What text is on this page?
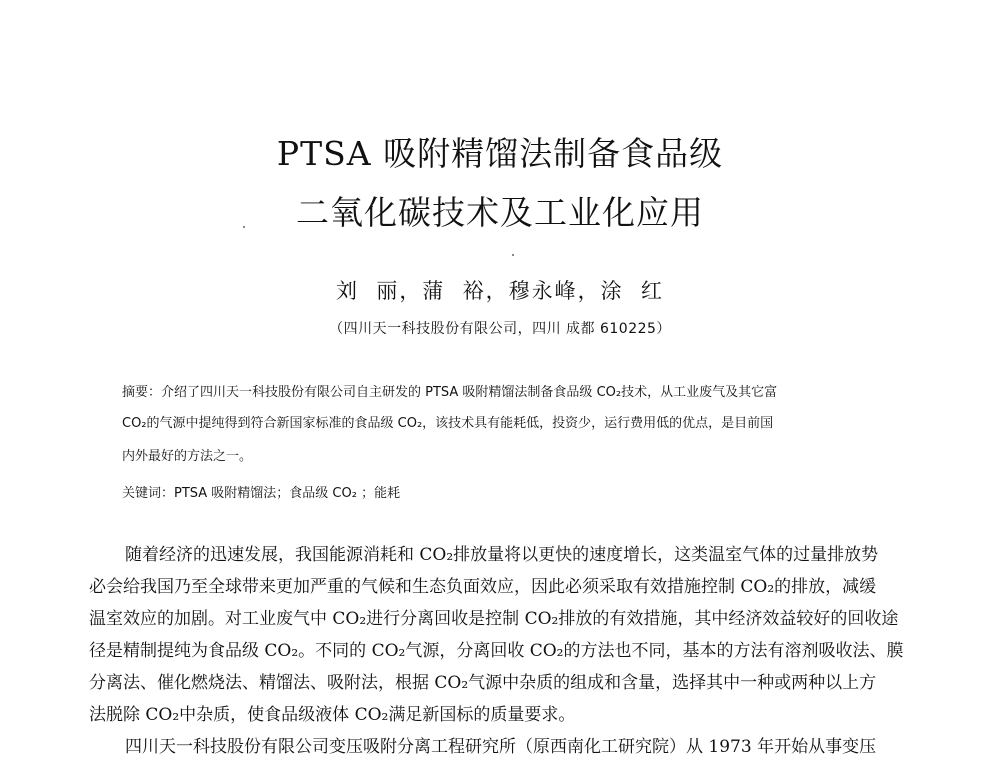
PTSA 吸附精馏法制备食品级
二氧化碳技术及工业化应用
刘  丽，蒲  裕，穆永峰，涂  红
（四川天一科技股份有限公司，四川 成都 610225）
摘要：介绍了四川天一科技股份有限公司自主研发的 PTSA 吸附精馏法制备食品级 CO₂技术，从工业废气及其它富
CO₂的气源中提纯得到符合新国家标准的食品级 CO₂，该技术具有能耗低，投资少，运行费用低的优点，是目前国
内外最好的方法之一。
关键词：PTSA 吸附精馏法；食品级 CO₂ ；能耗
随着经济的迅速发展，我国能源消耗和 CO₂排放量将以更快的速度增长，这类温室气体的过量排放势
必会给我国乃至全球带来更加严重的气候和生态负面效应，因此必须采取有效措施控制 CO₂的排放，减缓
温室效应的加剧。对工业废气中 CO₂进行分离回收是控制 CO₂排放的有效措施，其中经济效益较好的回收途
径是精制提纯为食品级 CO₂。不同的 CO₂气源，分离回收 CO₂的方法也不同，基本的方法有溶剂吸收法、膜
分离法、催化燃烧法、精馏法、吸附法，根据 CO₂气源中杂质的组成和含量，选择其中一种或两种以上方
法脱除 CO₂中杂质，使食品级液体 CO₂满足新国标的质量要求。
四川天一科技股份有限公司变压吸附分离工程研究所（原西南化工研究院）从 1973 年开始从事变压
